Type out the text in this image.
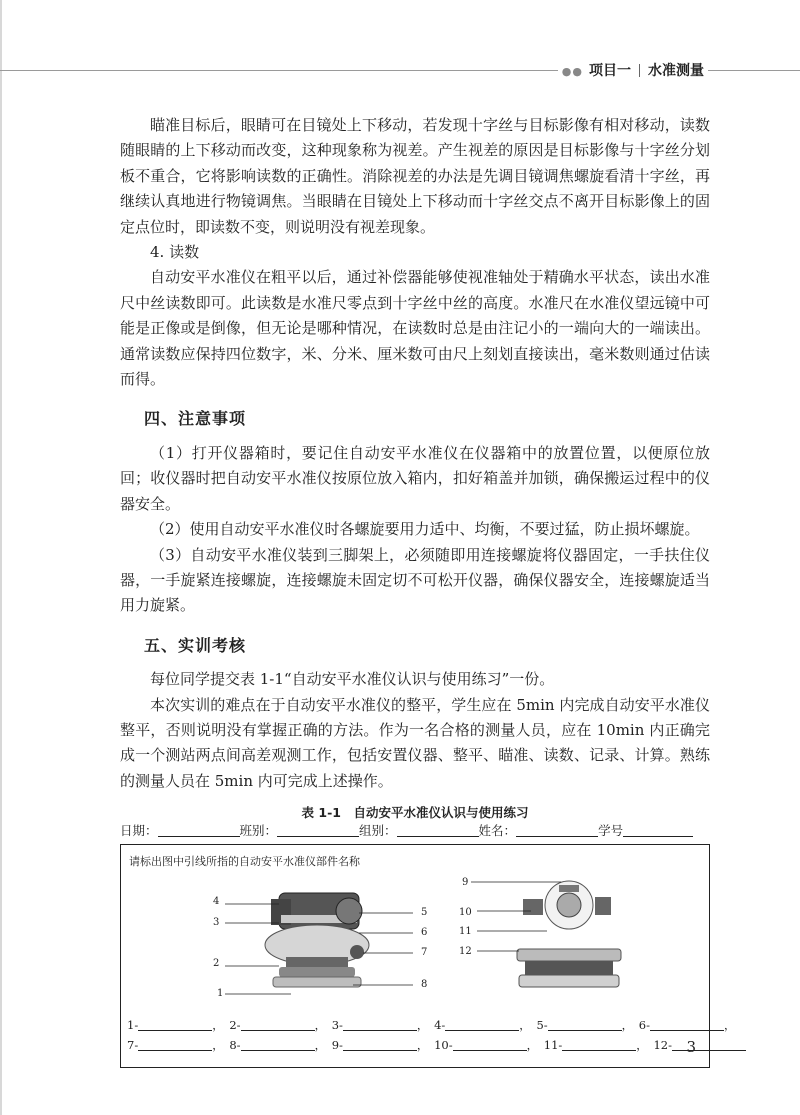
●● 项目一 水准测量

瞄准目标后，眼睛可在目镜处上下移动，若发现十字丝与目标影像有相对移动，读数随眼睛的上下移动而改变，这种现象称为视差。产生视差的原因是目标影像与十字丝分划板不重合，它将影响读数的正确性。消除视差的办法是先调目镜调焦螺旋看清十字丝，再继续认真地进行物镜调焦。当眼睛在目镜处上下移动而十字丝交点不离开目标影像上的固定点位时，即读数不变，则说明没有视差现象。

4. 读数

自动安平水准仪在粗平以后，通过补偿器能够使视准轴处于精确水平状态，读出水准尺中丝读数即可。此读数是水准尺零点到十字丝中丝的高度。水准尺在水准仪望远镜中可能是正像或是倒像，但无论是哪种情况，在读数时总是由注记小的一端向大的一端读出。通常读数应保持四位数字，米、分米、厘米数可由尺上刻划直接读出，毫米数则通过估读而得。

四、注意事项

（1）打开仪器箱时，要记住自动安平水准仪在仪器箱中的放置位置，以便原位放回；收仪器时把自动安平水准仪按原位放入箱内，扣好箱盖并加锁，确保搬运过程中的仪器安全。

（2）使用自动安平水准仪时各螺旋要用力适中、均衡，不要过猛，防止损坏螺旋。

（3）自动安平水准仪装到三脚架上，必须随即用连接螺旋将仪器固定，一手扶住仪器，一手旋紧连接螺旋，连接螺旋未固定切不可松开仪器，确保仪器安全，连接螺旋适当用力旋紧。

五、实训考核

每位同学提交表 1-1“自动安平水准仪认识与使用练习”一份。

本次实训的难点在于自动安平水准仪的整平，学生应在 5min 内完成自动安平水准仪整平，否则说明没有掌握正确的方法。作为一名合格的测量人员，应在 10min 内正确完成一个测站两点间高差观测工作，包括安置仪器、整平、瞄准、读数、记录、计算。熟练的测量人员在 5min 内可完成上述操作。

表 1-1　自动安平水准仪认识与使用练习
日期：	班别：	组别：	姓名：	学号
请标出图中引线所指的自动安平水准仪部件名称
4
3
2
1
5
6
7
8
9
10
11
12
1-	， 2-	， 3-	， 4-	， 5-	， 6-	，
7-	， 8-	， 9-	， 10-	， 11-	， 12- 3
